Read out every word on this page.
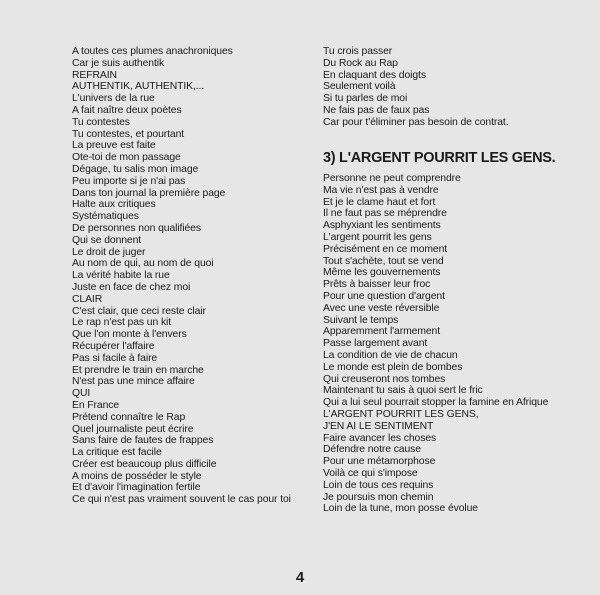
A toutes ces plumes anachroniques
Car je suis authentik
REFRAIN
AUTHENTIK, AUTHENTIK,...
L'univers de la rue
A fait naître deux poètes
Tu contestes
Tu contestes, et pourtant
La preuve est faite
Ote-toi de mon passage
Dégage, tu salis mon image
Peu importe si je n'ai pas
Dans ton journal la première page
Halte aux critiques
Systématiques
De personnes non qualifiées
Qui se donnent
Le droit de juger
Au nom de qui, au nom de quoi
La vérité habite la rue
Juste en face de chez moi
CLAIR
C'est clair, que ceci reste clair
Le rap n'est pas un kit
Que l'on monte à l'envers
Récupérer l'affaire
Pas si facile à faire
Et prendre le train en marche
N'est pas une mince affaire
QUI
En France
Prétend connaître le Rap
Quel journaliste peut écrire
Sans faire de fautes de frappes
La critique est facile
Créer est beaucoup plus difficile
A moins de posséder le style
Et d'avoir l'imagination fertile
Ce qui n'est pas vraiment souvent le cas pour toi
Tu crois passer
Du Rock au Rap
En claquant des doigts
Seulement voilà
Si tu parles de moi
Ne fais pas de faux pas
Car pour t'éliminer pas besoin de contrat.
3) L'ARGENT POURRIT LES GENS.
Personne ne peut comprendre
Ma vie n'est pas à vendre
Et je le clame haut et fort
Il ne faut pas se méprendre
Asphyxiant les sentiments
L'argent pourrit les gens
Précisément en ce moment
Tout s'achète, tout se vend
Même les gouvernements
Prêts à baisser leur froc
Pour une question d'argent
Avec une veste réversible
Suivant le temps
Apparemment l'armement
Passe largement avant
La condition de vie de chacun
Le monde est plein de bombes
Qui creuseront nos tombes
Maintenant tu sais à quoi sert le fric
Qui a lui seul pourrait stopper la famine en Afrique
L'ARGENT POURRIT LES GENS,
J'EN AI LE SENTIMENT
Faire avancer les choses
Défendre notre cause
Pour une métamorphose
Voilà ce qui s'impose
Loin de tous ces requins
Je poursuis mon chemin
Loin de la tune, mon posse évolue
4
